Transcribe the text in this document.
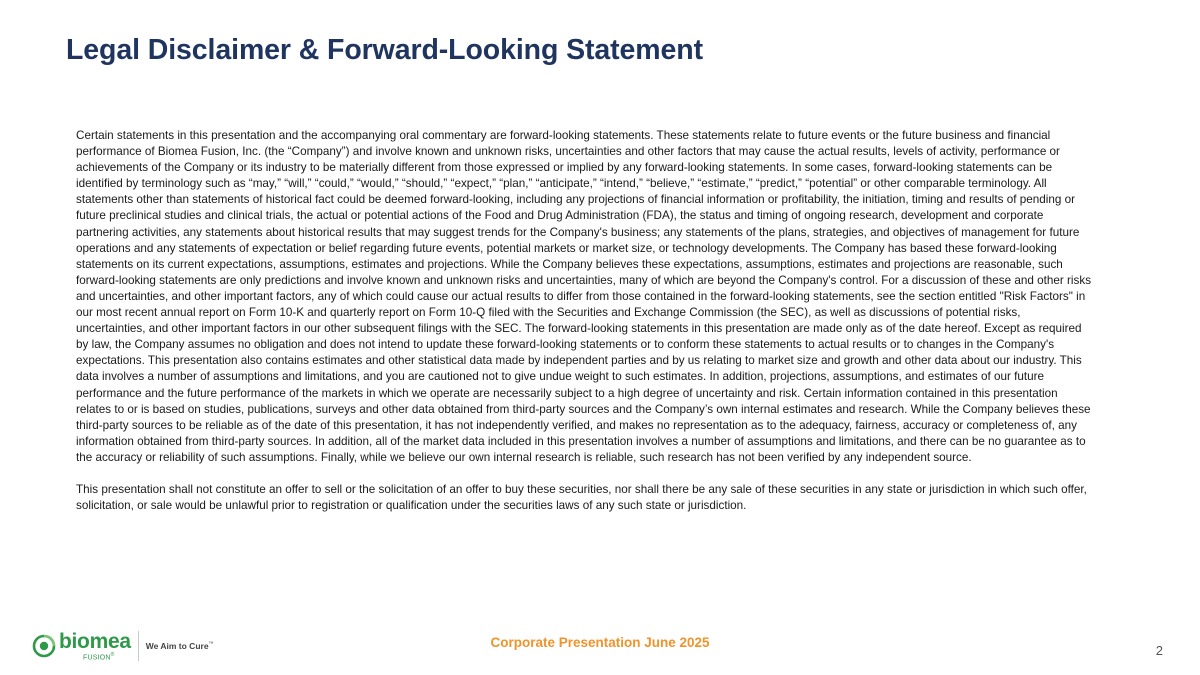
Legal Disclaimer & Forward-Looking Statement

Certain statements in this presentation and the accompanying oral commentary are forward-looking statements. These statements relate to future events or the future business and financial performance of Biomea Fusion, Inc. (the “Company”) and involve known and unknown risks, uncertainties and other factors that may cause the actual results, levels of activity, performance or achievements of the Company or its industry to be materially different from those expressed or implied by any forward-looking statements. In some cases, forward-looking statements can be identified by terminology such as “may,” “will,” “could,” “would,” “should,” “expect,” “plan,” “anticipate,” “intend,” “believe,” “estimate,” “predict,” “potential” or other comparable terminology. All statements other than statements of historical fact could be deemed forward-looking, including any projections of financial information or profitability, the initiation, timing and results of pending or future preclinical studies and clinical trials, the actual or potential actions of the Food and Drug Administration (FDA), the status and timing of ongoing research, development and corporate partnering activities, any statements about historical results that may suggest trends for the Company's business; any statements of the plans, strategies, and objectives of management for future operations and any statements of expectation or belief regarding future events, potential markets or market size, or technology developments. The Company has based these forward-looking statements on its current expectations, assumptions, estimates and projections. While the Company believes these expectations, assumptions, estimates and projections are reasonable, such forward-looking statements are only predictions and involve known and unknown risks and uncertainties, many of which are beyond the Company's control. For a discussion of these and other risks and uncertainties, and other important factors, any of which could cause our actual results to differ from those contained in the forward-looking statements, see the section entitled "Risk Factors" in our most recent annual report on Form 10-K and quarterly report on Form 10-Q filed with the Securities and Exchange Commission (the SEC), as well as discussions of potential risks, uncertainties, and other important factors in our other subsequent filings with the SEC. The forward-looking statements in this presentation are made only as of the date hereof. Except as required by law, the Company assumes no obligation and does not intend to update these forward-looking statements or to conform these statements to actual results or to changes in the Company's expectations. This presentation also contains estimates and other statistical data made by independent parties and by us relating to market size and growth and other data about our industry. This data involves a number of assumptions and limitations, and you are cautioned not to give undue weight to such estimates. In addition, projections, assumptions, and estimates of our future performance and the future performance of the markets in which we operate are necessarily subject to a high degree of uncertainty and risk. Certain information contained in this presentation relates to or is based on studies, publications, surveys and other data obtained from third-party sources and the Company’s own internal estimates and research. While the Company believes these third-party sources to be reliable as of the date of this presentation, it has not independently verified, and makes no representation as to the adequacy, fairness, accuracy or completeness of, any information obtained from third-party sources. In addition, all of the market data included in this presentation involves a number of assumptions and limitations, and there can be no guarantee as to the accuracy or reliability of such assumptions. Finally, while we believe our own internal research is reliable, such research has not been verified by any independent source.

This presentation shall not constitute an offer to sell or the solicitation of an offer to buy these securities, nor shall there be any sale of these securities in any state or jurisdiction in which such offer, solicitation, or sale would be unlawful prior to registration or qualification under the securities laws of any such state or jurisdiction.

biomea
FUSION®
We Aim to Cure™	Corporate Presentation June 2025
2
